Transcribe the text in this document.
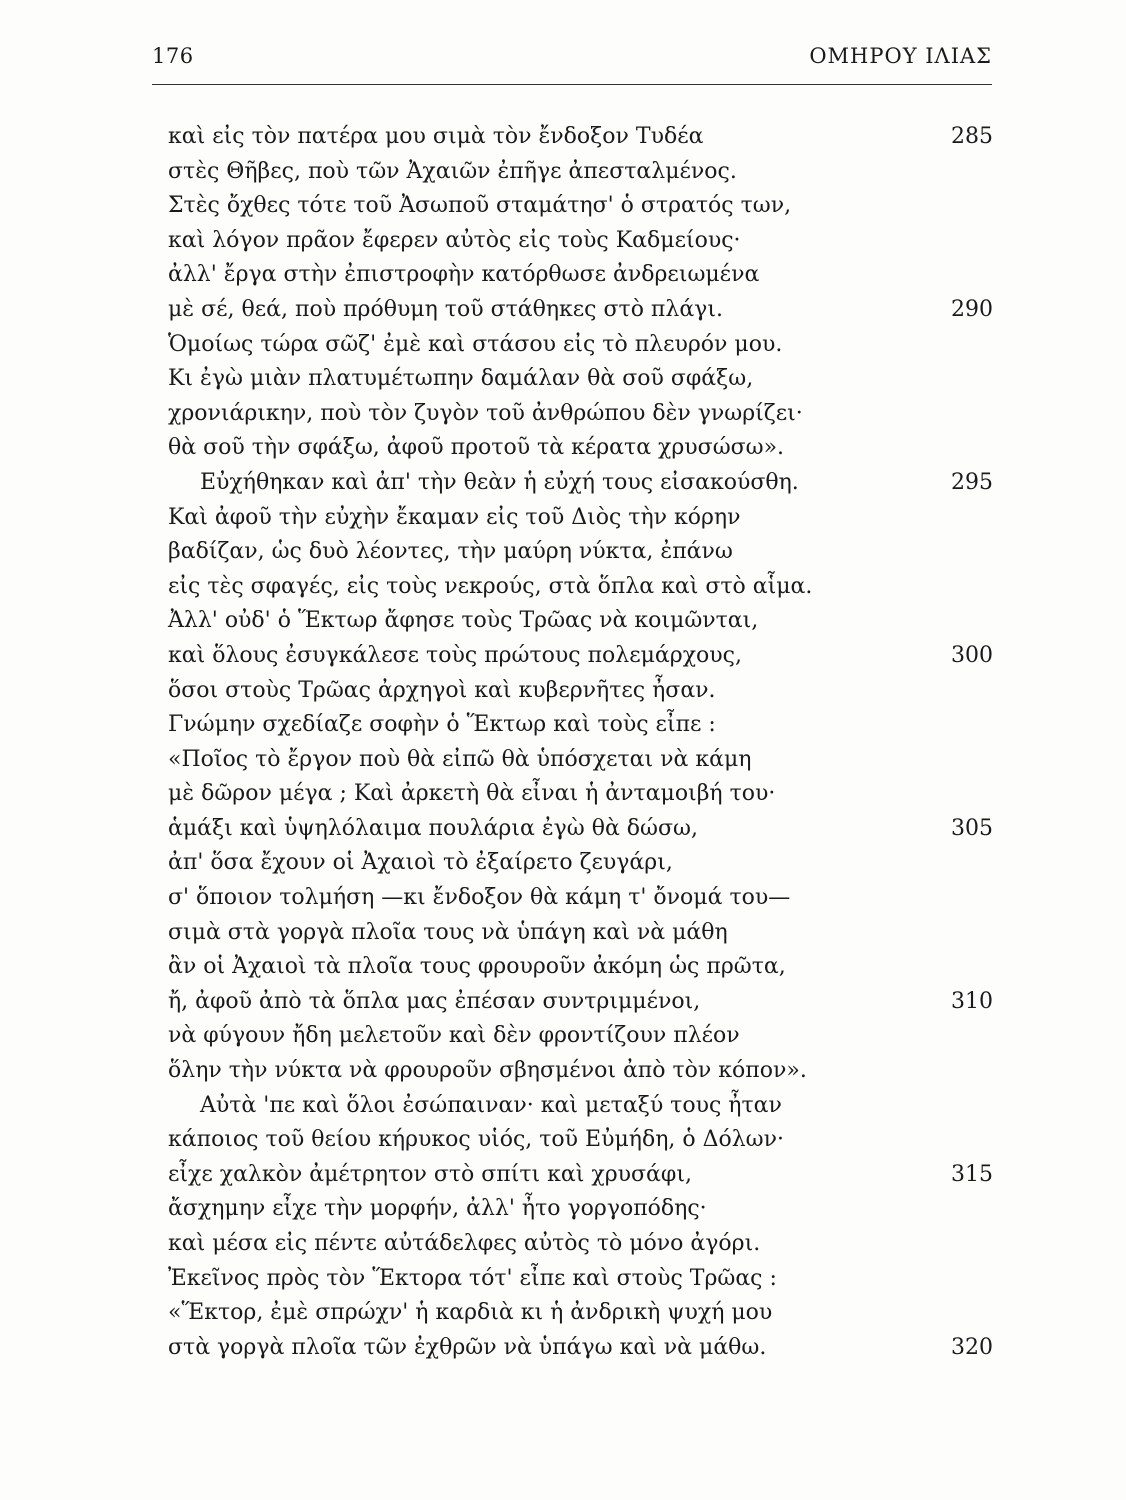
176	ΟΜΗΡΟΥ ΙΛΙΑΣ
καὶ εἰς τὸν πατέρα μου σιμὰ τὸν ἔνδοξον Τυδέα	285
στὲς Θῆβες, ποὺ τῶν Ἀχαιῶν ἐπῆγε ἀπεσταλμένος.
Στὲς ὄχθες τότε τοῦ Ἀσωποῦ σταμάτησ' ὁ στρατός των,
καὶ λόγον πρᾶον ἔφερεν αὐτὸς εἰς τοὺς Καδμείους·
ἀλλ' ἔργα στὴν ἐπιστροφὴν κατόρθωσε ἀνδρειωμένα
μὲ σέ, θεά, ποὺ πρόθυμη τοῦ στάθηκες στὸ πλάγι.	290
Ὁμοίως τώρα σῶζ' ἐμὲ καὶ στάσου εἰς τὸ πλευρόν μου.
Κι ἐγὼ μιὰν πλατυμέτωπην δαμάλαν θὰ σοῦ σφάξω,
χρονιάρικην, ποὺ τὸν ζυγὸν τοῦ ἀνθρώπου δὲν γνωρίζει·
θὰ σοῦ τὴν σφάξω, ἀφοῦ προτοῦ τὰ κέρατα χρυσώσω».
Εὐχήθηκαν καὶ ἀπ' τὴν θεὰν ἡ εὐχή τους εἰσακούσθη.	295
Καὶ ἀφοῦ τὴν εὐχὴν ἔκαμαν εἰς τοῦ Διὸς τὴν κόρην
βαδίζαν, ὡς δυὸ λέοντες, τὴν μαύρη νύκτα, ἐπάνω
εἰς τὲς σφαγές, εἰς τοὺς νεκρούς, στὰ ὅπλα καὶ στὸ αἷμα.
Ἀλλ' οὐδ' ὁ Ἕκτωρ ἄφησε τοὺς Τρῶας νὰ κοιμῶνται,
καὶ ὅλους ἐσυγκάλεσε τοὺς πρώτους πολεμάρχους,	300
ὅσοι στοὺς Τρῶας ἀρχηγοὶ καὶ κυβερνῆτες ἦσαν.
Γνώμην σχεδίαζε σοφὴν ὁ Ἕκτωρ καὶ τοὺς εἶπε :
«Ποῖος τὸ ἔργον ποὺ θὰ εἰπῶ θὰ ὑπόσχεται νὰ κάμη
μὲ δῶρον μέγα ; Καὶ ἀρκετὴ θὰ εἶναι ἡ ἀνταμοιβή του·
ἁμάξι καὶ ὑψηλόλαιμα πουλάρια ἐγὼ θὰ δώσω,	305
ἀπ' ὅσα ἔχουν οἱ Ἀχαιοὶ τὸ ἐξαίρετο ζευγάρι,
σ' ὅποιον τολμήση —κι ἔνδοξον θὰ κάμη τ' ὄνομά του—
σιμὰ στὰ γοργὰ πλοῖα τους νὰ ὑπάγη καὶ νὰ μάθη
ἂν οἱ Ἀχαιοὶ τὰ πλοῖα τους φρουροῦν ἀκόμη ὡς πρῶτα,
ἤ, ἀφοῦ ἀπὸ τὰ ὅπλα μας ἐπέσαν συντριμμένοι,	310
νὰ φύγουν ἤδη μελετοῦν καὶ δὲν φροντίζουν πλέον
ὅλην τὴν νύκτα νὰ φρουροῦν σβησμένοι ἀπὸ τὸν κόπον».
Αὐτὰ 'πε καὶ ὅλοι ἐσώπαιναν· καὶ μεταξύ τους ἦταν
κάποιος τοῦ θείου κήρυκος υἱός, τοῦ Εὐμήδη, ὁ Δόλων·
εἶχε χαλκὸν ἀμέτρητον στὸ σπίτι καὶ χρυσάφι,	315
ἄσχημην εἶχε τὴν μορφήν, ἀλλ' ἦτο γοργοπόδης·
καὶ μέσα εἰς πέντε αὐτάδελφες αὐτὸς τὸ μόνο ἀγόρι.
Ἐκεῖνος πρὸς τὸν Ἕκτορα τότ' εἶπε καὶ στοὺς Τρῶας :
«Ἕκτορ, ἐμὲ σπρώχν' ἡ καρδιὰ κι ἡ ἀνδρικὴ ψυχή μου
στὰ γοργὰ πλοῖα τῶν ἐχθρῶν νὰ ὑπάγω καὶ νὰ μάθω.	320
